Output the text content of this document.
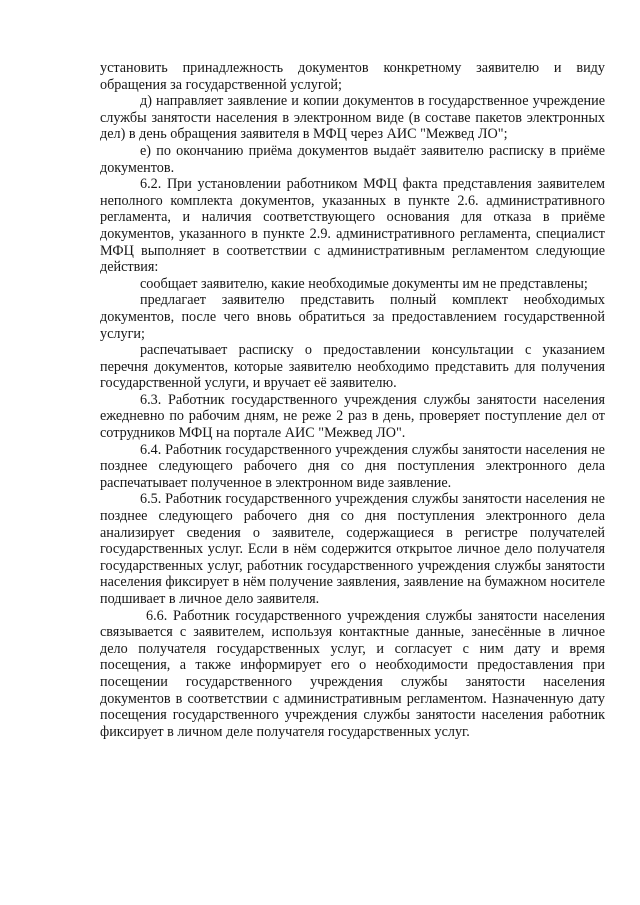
установить принадлежность документов конкретному заявителю и виду обращения за государственной услугой;

д) направляет заявление и копии документов в государственное учреждение службы занятости населения в электронном виде (в составе пакетов электронных дел) в день обращения заявителя в МФЦ через АИС "Межвед ЛО";

е) по окончанию приёма документов выдаёт заявителю расписку в приёме документов.

6.2. При установлении работником МФЦ факта представления заявителем неполного комплекта документов, указанных в пункте 2.6. административного регламента, и наличия соответствующего основания для отказа в приёме документов, указанного в пункте 2.9. административного регламента, специалист МФЦ выполняет в соответствии с административным регламентом следующие действия:

сообщает заявителю, какие необходимые документы им не представлены;

предлагает заявителю представить полный комплект необходимых документов, после чего вновь обратиться за предоставлением государственной услуги;

распечатывает расписку о предоставлении консультации с указанием перечня документов, которые заявителю необходимо представить для получения государственной услуги, и вручает её заявителю.

6.3. Работник государственного учреждения службы занятости населения ежедневно по рабочим дням, не реже 2 раз в день, проверяет поступление дел от сотрудников МФЦ на портале АИС "Межвед ЛО".

6.4. Работник государственного учреждения службы занятости населения не позднее следующего рабочего дня со дня поступления электронного дела распечатывает полученное в электронном виде заявление.

6.5. Работник государственного учреждения службы занятости населения не позднее следующего рабочего дня со дня поступления электронного дела анализирует сведения о заявителе, содержащиеся в регистре получателей государственных услуг. Если в нём содержится открытое личное дело получателя государственных услуг, работник государственного учреждения службы занятости населения фиксирует в нём получение заявления, заявление на бумажном носителе подшивает в личное дело заявителя.

6.6. Работник государственного учреждения службы занятости населения связывается с заявителем, используя контактные данные, занесённые в личное дело получателя государственных услуг, и согласует с ним дату и время посещения, а также информирует его о необходимости предоставления при посещении государственного учреждения службы занятости населения документов в соответствии с административным регламентом. Назначенную дату посещения государственного учреждения службы занятости населения работник фиксирует в личном деле получателя государственных услуг.
